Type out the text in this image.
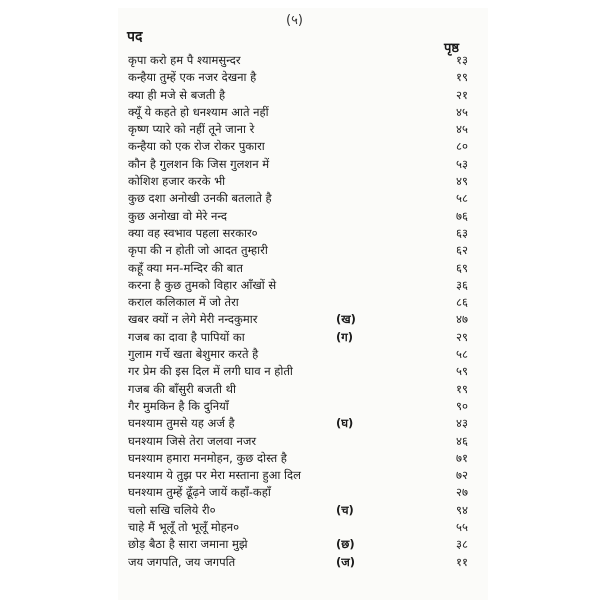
(५)
पद
पृष्ठ
कृपा करो हम पै श्यामसुन्दर	१३
कन्हैया तुम्हें एक नजर देखना है	१९
क्या ही मजे से बजती है	२१
क्यूँ ये कहते हो धनश्याम आते नहीं	४५
कृष्ण प्यारे को नहीं तूने जाना रे	४५
कन्हैया को एक रोज रोकर पुकारा	८०
कौन है गुलशन कि जिस गुलशन में	५३
कोशिश हजार करके भी	४९
कुछ दशा अनोखी उनकी बतलाते है	५८
कुछ अनोखा वो मेरे नन्द	७६
क्या वह स्वभाव पहला सरकार०	६३
कृपा की न होती जो आदत तुम्हारी	६२
कहूँ क्या मन-मन्दिर की बात	६९
करना है कुछ तुमको विहार आँखों से	३६
कराल कलिकाल में जो तेरा	८६
खबर क्यों न लेगे मेरी नन्दकुमार	(ख)	४७
गजब का दावा है पापियों का	(ग)	२९
गुलाम गर्चे खता बेशुमार करते है	५८
गर प्रेम की इस दिल में लगी घाव न होती	५९
गजब की बाँसुरी बजती थी	१९
गैर मुमकिन है कि दुनियाँ	९०
घनश्याम तुमसे यह अर्ज है	(घ)	४३
घनश्याम जिसे तेरा जलवा नजर	४६
घनश्याम हमारा मनमोहन, कुछ दोस्त है	७१
घनश्याम ये तुझ पर मेरा मस्ताना हुआ दिल	७२
घनश्याम तुम्हें ढूँढ़ने जायें कहाँ-कहाँ	२७
चलो सखि चलिये री०	(च)	९४
चाहे मैं भूलूँ तो भूलूँ मोहन०	५५
छोड़ बैठा है सारा जमाना मुझे	(छ)	३८
जय जगपति, जय जगपति	(ज)	११
